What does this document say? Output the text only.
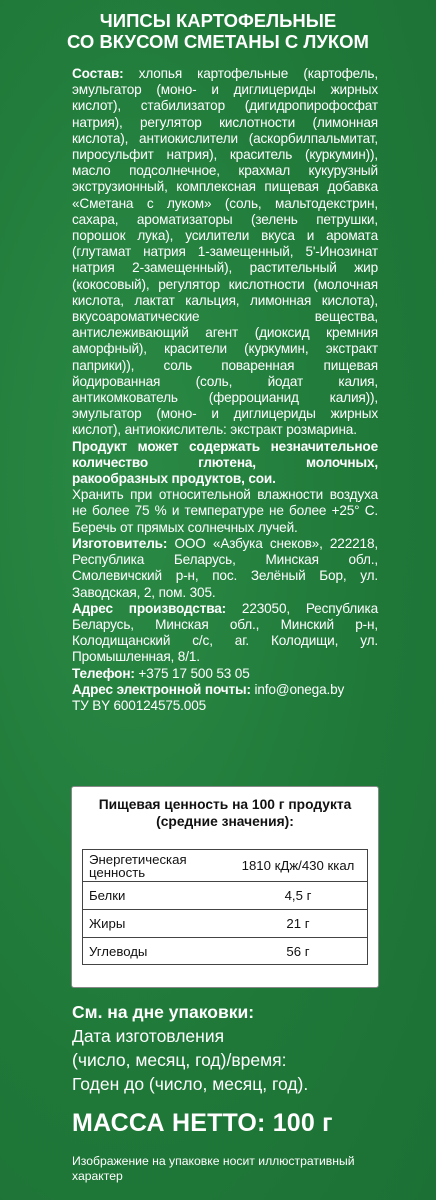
ЧИПСЫ КАРТОФЕЛЬНЫЕ
СО ВКУСОМ СМЕТАНЫ С ЛУКОМ

Состав: хлопья картофельные (картофель, эмульгатор (моно- и диглицериды жирных кислот), стабилизатор (дигидропирофосфат натрия), регулятор кислотности (лимонная кислота), антиокислители (аскорбилпальмитат, пиросульфит натрия), краситель (куркумин)), масло подсолнечное, крахмал кукурузный экструзионный, комплексная пищевая добавка «Сметана с луком» (соль, мальтодекстрин, сахара, ароматизаторы (зелень петрушки, порошок лука), усилители вкуса и аромата (глутамат натрия 1-замещенный, 5'-Инозинат натрия 2-замещенный), растительный жир (кокосовый), регулятор кислотности (молочная кислота, лактат кальция, лимонная кислота), вкусоароматические вещества, антислеживающий агент (диоксид кремния аморфный), красители (куркумин, экстракт паприки)), соль поваренная пищевая йодированная (соль, йодат калия, антикомкователь (ферроцианид калия)), эмульгатор (моно- и диглицериды жирных кислот), антиокислитель: экстракт розмарина.

Продукт может содержать незначительное количество глютена, молочных, ракообразных продуктов, сои.

Хранить при относительной влажности воздуха не более 75 % и температуре не более +25° С. Беречь от прямых солнечных лучей.

Изготовитель: ООО «Азбука снеков», 222218, Республика Беларусь, Минская обл., Смолевичский р-н, пос. Зелёный Бор, ул. Заводская, 2, пом. 305.

Адрес производства: 223050, Республика Беларусь, Минская обл., Минский р-н, Колодищанский с/с, аг. Колодищи, ул. Промышленная, 8/1.

Телефон: +375 17 500 53 05

Адрес электронной почты: info@onega.by

ТУ BY 600124575.005

Пищевая ценность на 100 г продукта (средние значения):
Энергетическая ценность	1810 кДж/430 ккал
Белки	4,5 г
Жиры	21 г
Углеводы	56 г
См. на дне упаковки:
Дата изготовления
(число, месяц, год)/время:
Годен до (число, месяц, год).
МАССА НЕТТО: 100 г
Изображение на упаковке носит иллюстративный характер
